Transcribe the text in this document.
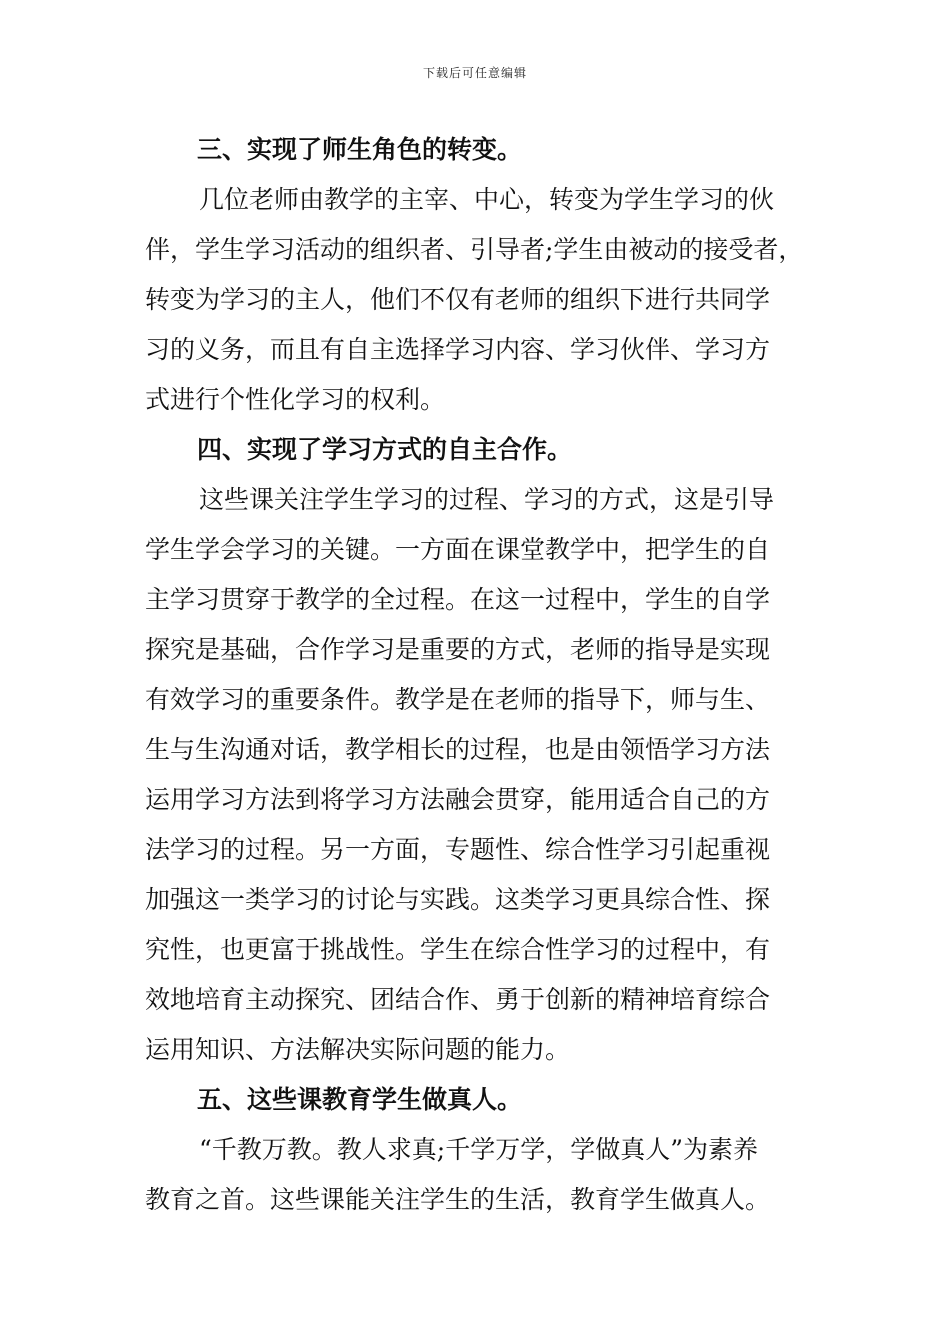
下载后可任意编辑
三、实现了师生角色的转变。

几位老师由教学的主宰、中心，转变为学生学习的伙
伴，学生学习活动的组织者、引导者;学生由被动的接受者，
转变为学习的主人，他们不仅有老师的组织下进行共同学
习的义务，而且有自主选择学习内容、学习伙伴、学习方
式进行个性化学习的权利。

四、实现了学习方式的自主合作。

这些课关注学生学习的过程、学习的方式，这是引导
学生学会学习的关键。一方面在课堂教学中，把学生的自
主学习贯穿于教学的全过程。在这一过程中，学生的自学
探究是基础，合作学习是重要的方式，老师的指导是实现
有效学习的重要条件。教学是在老师的指导下，师与生、
生与生沟通对话，教学相长的过程，也是由领悟学习方法
运用学习方法到将学习方法融会贯穿，能用适合自己的方
法学习的过程。另一方面，专题性、综合性学习引起重视
加强这一类学习的讨论与实践。这类学习更具综合性、探
究性，也更富于挑战性。学生在综合性学习的过程中，有
效地培育主动探究、团结合作、勇于创新的精神培育综合
运用知识、方法解决实际问题的能力。

五、这些课教育学生做真人。

“千教万教。教人求真;千学万学，学做真人”为素养
教育之首。这些课能关注学生的生活，教育学生做真人。
